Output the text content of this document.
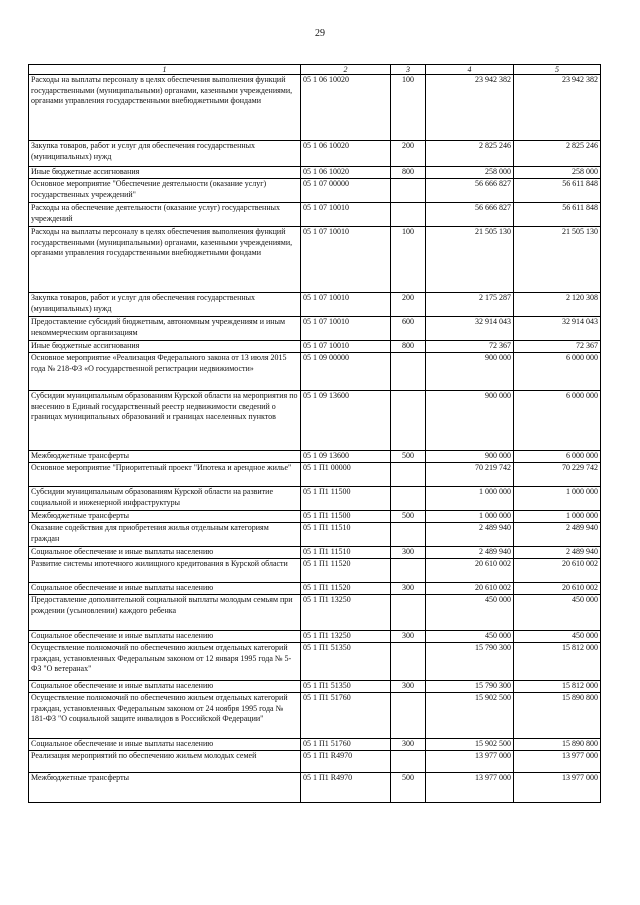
29
1	2	3	4	5
Расходы на выплаты персоналу в целях обеспечения выполнения функций государственными (муниципальными) органами, казенными учреждениями, органами управления государственными внебюджетными фондами	05 1 06 10020	100	23 942 382	23 942 382
Закупка товаров, работ и услуг для обеспечения государственных (муниципальных) нужд	05 1 06 10020	200	2 825 246	2 825 246
Иные бюджетные ассигнования	05 1 06 10020	800	258 000	258 000
Основное мероприятие "Обеспечение деятельности (оказание услуг) государственных учреждений"	05 1 07 00000		56 666 827	56 611 848
Расходы на обеспечение деятельности (оказание услуг) государственных учреждений	05 1 07 10010		56 666 827	56 611 848
Расходы на выплаты персоналу в целях обеспечения выполнения функций государственными (муниципальными) органами, казенными учреждениями, органами управления государственными внебюджетными фондами	05 1 07 10010	100	21 505 130	21 505 130
Закупка товаров, работ и услуг для обеспечения государственных (муниципальных) нужд	05 1 07 10010	200	2 175 287	2 120 308
Предоставление субсидий бюджетным, автономным учреждениям и иным некоммерческим организациям	05 1 07 10010	600	32 914 043	32 914 043
Иные бюджетные ассигнования	05 1 07 10010	800	72 367	72 367
Основное мероприятие «Реализация Федерального закона от 13 июля 2015 года № 218-ФЗ «О государственной регистрации недвижимости»	05 1 09 00000		900 000	6 000 000
Субсидии муниципальным образованиям Курской области на мероприятия по внесению в Единый государственный реестр недвижимости сведений о границах муниципальных образований и границах населенных пунктов	05 1 09 13600		900 000	6 000 000
Межбюджетные трансферты	05 1 09 13600	500	900 000	6 000 000
Основное мероприятие "Приоритетный проект "Ипотека и арендное жилье"	05 1 П1 00000		70 219 742	70 229 742
Субсидии муниципальным образованиям Курской области на развитие социальной и инженерной инфраструктуры	05 1 П1 11500		1 000 000	1 000 000
Межбюджетные трансферты	05 1 П1 11500	500	1 000 000	1 000 000
Оказание содействия для приобретения жилья отдельным категориям граждан	05 1 П1 11510		2 489 940	2 489 940
Социальное обеспечение и иные выплаты населению	05 1 П1 11510	300	2 489 940	2 489 940
Развитие системы ипотечного жилищного кредитования в Курской области	05 1 П1 11520		20 610 002	20 610 002
Социальное обеспечение и иные выплаты населению	05 1 П1 11520	300	20 610 002	20 610 002
Предоставление дополнительной социальной выплаты молодым семьям при рождении (усыновлении) каждого ребенка	05 1 П1 13250		450 000	450 000
Социальное обеспечение и иные выплаты населению	05 1 П1 13250	300	450 000	450 000
Осуществление полномочий по обеспечению жильем отдельных категорий граждан, установленных Федеральным законом от 12 января 1995 года № 5-ФЗ "О ветеранах"	05 1 П1 51350		15 790 300	15 812 000
Социальное обеспечение и иные выплаты населению	05 1 П1 51350	300	15 790 300	15 812 000
Осуществление полномочий по обеспечению жильем отдельных категорий граждан, установленных Федеральным законом от 24 ноября 1995 года № 181-ФЗ "О социальной защите инвалидов в Российской Федерации"	05 1 П1 51760		15 902 500	15 890 800
Социальное обеспечение и иные выплаты населению	05 1 П1 51760	300	15 902 500	15 890 800
Реализация мероприятий по обеспечению жильем молодых семей	05 1 П1 R4970		13 977 000	13 977 000
Межбюджетные трансферты	05 1 П1 R4970	500	13 977 000	13 977 000
